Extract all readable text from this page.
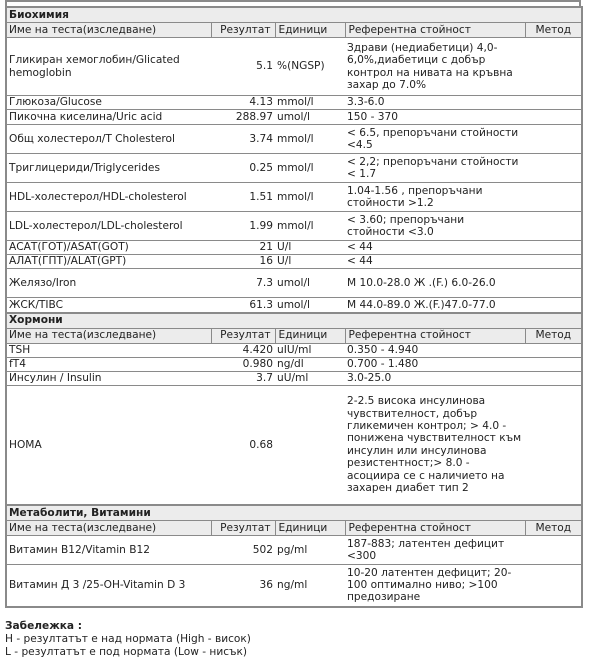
Биохимия				
Име на теста(изследване)	Резултат	Единици	Референтна стойност	Метод
Гликиран хемоглобин/Glicated hemoglobin	5.1	%(NGSP)	Здрави (недиабетици) 4,0-6,0%,диабетици с добър контрол на нивата на кръвна захар до 7.0%	
Глюкоза/Glucose	4.13	mmol/l	3.3-6.0	
Пикочна киселина/Uric acid	288.97	umol/l	150 - 370	
Общ холестерол/T Cholesterol	3.74	mmol/l	< 6.5, препоръчани стойности <4.5	
Триглицериди/Triglycerides	0.25	mmol/l	< 2,2; препоръчани стойности < 1.7	
HDL-холестерол/HDL-cholesterol	1.51	mmol/l	1.04-1.56 , препоръчани стойности >1.2	
LDL-холестерол/LDL-cholesterol	1.99	mmol/l	< 3.60; препоръчани стойности <3.0	
АСАТ(ГОТ)/ASAT(GOT)	21	U/l	< 44	
АЛАТ(ГПТ)/ALAT(GPT)	16	U/l	< 44	
Желязо/Iron	7.3	umol/l	М 10.0-28.0 Ж .(F.) 6.0-26.0	
ЖСК/TIBC	61.3	umol/l	М 44.0-89.0 Ж.(F.)47.0-77.0	
Хормони				
Име на теста(изследване)	Резултат	Единици	Референтна стойност	Метод
TSH	4.420	uIU/ml	0.350 - 4.940	
fT4	0.980	ng/dl	0.700 - 1.480	
Инсулин / Insulin	3.7	uU/ml	3.0-25.0	
HOMA	0.68		2-2.5 висока инсулинова чувствителност, добър гликемичен контрол; > 4.0 - понижена чувствителност към инсулин или инсулинова резистентност;> 8.0 - асоциира се с наличието на захарен диабет тип 2	
Метаболити, Витамини				
Име на теста(изследване)	Резултат	Единици	Референтна стойност	Метод
Витамин B12/Vitamin B12	502	pg/ml	187-883; латентен дефицит <300	
Витамин Д 3 /25-OH-Vitamin D 3	36	ng/ml	10-20 латентен дефицит; 20-100 оптимално ниво; >100 предозиране	
Забележка :
H - резултатът е над нормата (High - висок)
L - резултатът е под нормата (Low - нисък)
